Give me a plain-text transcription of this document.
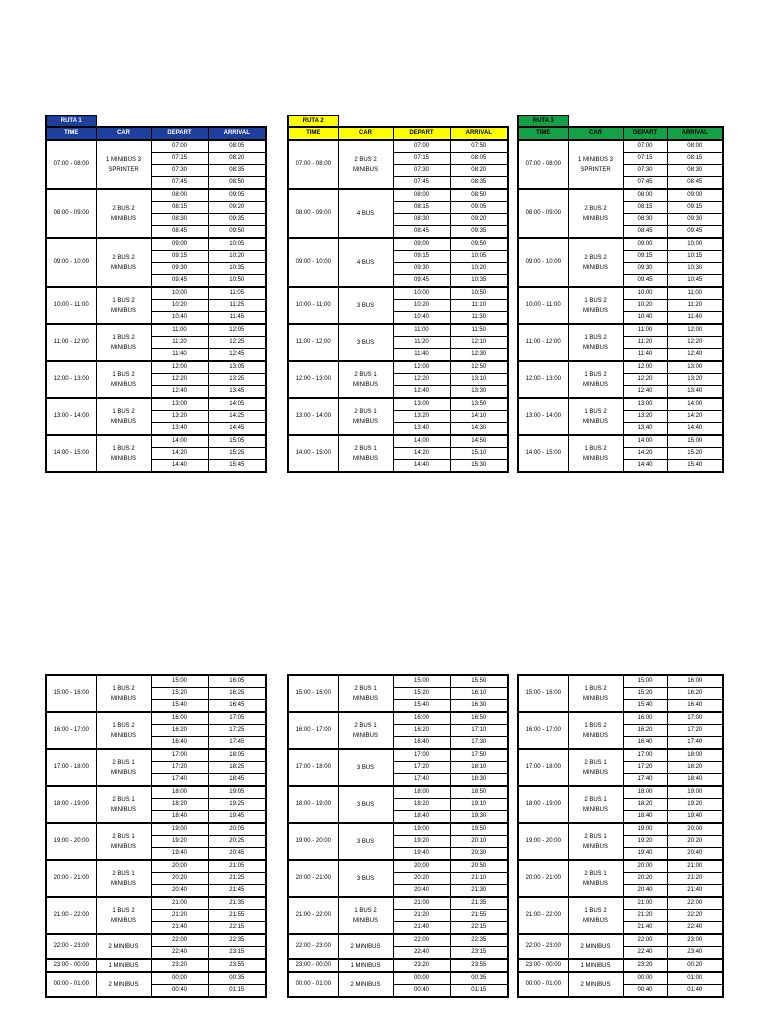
RUTA 1			
TIME	CAR	DEPART	ARRIVAL
07:00 - 08:00	1 MINIBUS 3 SPRINTER	07:00	08:05
		07:15	08:20
		07:30	08:35
		07:45	08:50
08:00 - 09:00	2 BUS 2 MINIBUS	08:00	09:05
		08:15	09:20
		08:30	09:35
		08:45	09:50
09:00 - 10:00	2 BUS 2 MINIBUS	09:00	10:05
		09:15	10:20
		09:30	10:35
		09:45	10:50
10:00 - 11:00	1 BUS 2 MINIBUS	10:00	11:05
		10:20	11:25
		10:40	11:45
11:00 - 12:00	1 BUS 2 MINIBUS	11:00	12:05
		11:20	12:25
		11:40	12:45
12:00 - 13:00	1 BUS 2 MINIBUS	12:00	13:05
		12:20	13:25
		12:40	13:45
13:00 - 14:00	1 BUS 2 MINIBUS	13:00	14:05
		13:20	14:25
		13:40	14:45
14:00 - 15:00	1 BUS 2 MINIBUS	14:00	15:05
		14:20	15:25
		14:40	15:45
RUTA 2			
TIME	CAR	DEPART	ARRIVAL
07:00 - 08:00	2 BUS 2 MINIBUS	07:00	07:50
		07:15	08:05
		07:30	08:20
		07:45	08:35
08:00 - 09:00	4 BUS	08:00	08:50
		08:15	09:05
		08:30	09:20
		08:45	09:35
09:00 - 10:00	4 BUS	09:00	09:50
		09:15	10:05
		09:30	10:20
		09:45	10:35
10:00 - 11:00	3 BUS	10:00	10:50
		10:20	11:10
		10:40	11:30
11:00 - 12:00	3 BUS	11:00	11:50
		11:20	12:10
		11:40	12:30
12:00 - 13:00	2 BUS 1 MINIBUS	12:00	12:50
		12:20	13:10
		12:40	13:30
13:00 - 14:00	2 BUS 1 MINIBUS	13:00	13:50
		13:20	14:10
		13:40	14:30
14:00 - 15:00	2 BUS 1 MINIBUS	14:00	14:50
		14:20	15:10
		14:40	15:30
RUTA 3			
TIME	CAR	DEPART	ARRIVAL
07:00 - 08:00	1 MINIBUS 3 SPRINTER	07:00	08:00
		07:15	08:15
		07:30	08:30
		07:45	08:45
08:00 - 09:00	2 BUS 2 MINIBUS	08:00	09:00
		08:15	09:15
		08:30	09:30
		08:45	09:45
09:00 - 10:00	2 BUS 2 MINIBUS	09:00	10:00
		09:15	10:15
		09:30	10:30
		09:45	10:45
10:00 - 11:00	1 BUS 2 MINIBUS	10:00	11:00
		10:20	11:20
		10:40	11:40
11:00 - 12:00	1 BUS 2 MINIBUS	11:00	12:00
		11:20	12:20
		11:40	12:40
12:00 - 13:00	1 BUS 2 MINIBUS	12:00	13:00
		12:20	13:20
		12:40	13:40
13:00 - 14:00	1 BUS 2 MINIBUS	13:00	14:00
		13:20	14:20
		13:40	14:40
14:00 - 15:00	1 BUS 2 MINIBUS	14:00	15:00
		14:20	15:20
		14:40	15:40
15:00 - 16:00	1 BUS 2 MINIBUS	15:00	16:05
		15:20	16:25
		15:40	16:45
16:00 - 17:00	1 BUS 2 MINIBUS	16:00	17:05
		16:20	17:25
		16:40	17:45
17:00 - 18:00	2 BUS 1 MINIBUS	17:00	18:05
		17:20	18:25
		17:40	18:45
18:00 - 19:00	2 BUS 1 MINIBUS	18:00	19:05
		18:20	19:25
		18:40	19:45
19:00 - 20:00	2 BUS 1 MINIBUS	19:00	20:05
		19:20	20:25
		19:40	20:45
20:00 - 21:00	2 BUS 1 MINIBUS	20:00	21:05
		20:20	21:25
		20:40	21:45
21:00 - 22:00	1 BUS 2 MINIBUS	21:00	21:35
		21:20	21:55
		21:40	22:15
22:00 - 23:00	2 MINIBUS	22:00	22:35
		22:40	23:15
23:00 - 00:00	1 MINIBUS	23:20	23:55
00:00 - 01:00	2 MINIBUS	00:00	00:35
		00:40	01:15
15:00 - 16:00	2 BUS 1 MINIBUS	15:00	15:50
		15:20	16:10
		15:40	16:30
16:00 - 17:00	2 BUS 1 MINIBUS	16:00	16:50
		16:20	17:10
		16:40	17:30
17:00 - 18:00	3 BUS	17:00	17:50
		17:20	18:10
		17:40	18:30
18:00 - 19:00	3 BUS	18:00	18:50
		18:20	19:10
		18:40	19:30
19:00 - 20:00	3 BUS	19:00	19:50
		19:20	20:10
		19:40	20:30
20:00 - 21:00	3 BUS	20:00	20:50
		20:20	21:10
		20:40	21:30
21:00 - 22:00	1 BUS 2 MINIBUS	21:00	21:35
		21:20	21:55
		21:40	22:15
22:00 - 23:00	2 MINIBUS	22:00	22:35
		22:40	23:15
23:00 - 00:00	1 MINIBUS	23:20	23:55
00:00 - 01:00	2 MINIBUS	00:00	00:35
		00:40	01:15
15:00 - 16:00	1 BUS 2 MINIBUS	15:00	16:00
		15:20	16:20
		15:40	16:40
16:00 - 17:00	1 BUS 2 MINIBUS	16:00	17:00
		16:20	17:20
		16:40	17:40
17:00 - 18:00	2 BUS 1 MINIBUS	17:00	18:00
		17:20	18:20
		17:40	18:40
18:00 - 19:00	2 BUS 1 MINIBUS	18:00	19:00
		18:20	19:20
		18:40	19:40
19:00 - 20:00	2 BUS 1 MINIBUS	19:00	20:00
		19:20	20:20
		19:40	20:40
20:00 - 21:00	2 BUS 1 MINIBUS	20:00	21:00
		20:20	21:20
		20:40	21:40
21:00 - 22:00	1 BUS 2 MINIBUS	21:00	22:00
		21:20	22:20
		21:40	22:40
22:00 - 23:00	2 MINIBUS	22:00	23:00
		22:40	23:40
23:00 - 00:00	1 MINIBUS	23:20	00:20
00:00 - 01:00	2 MINIBUS	00:00	01:00
		00:40	01:40
